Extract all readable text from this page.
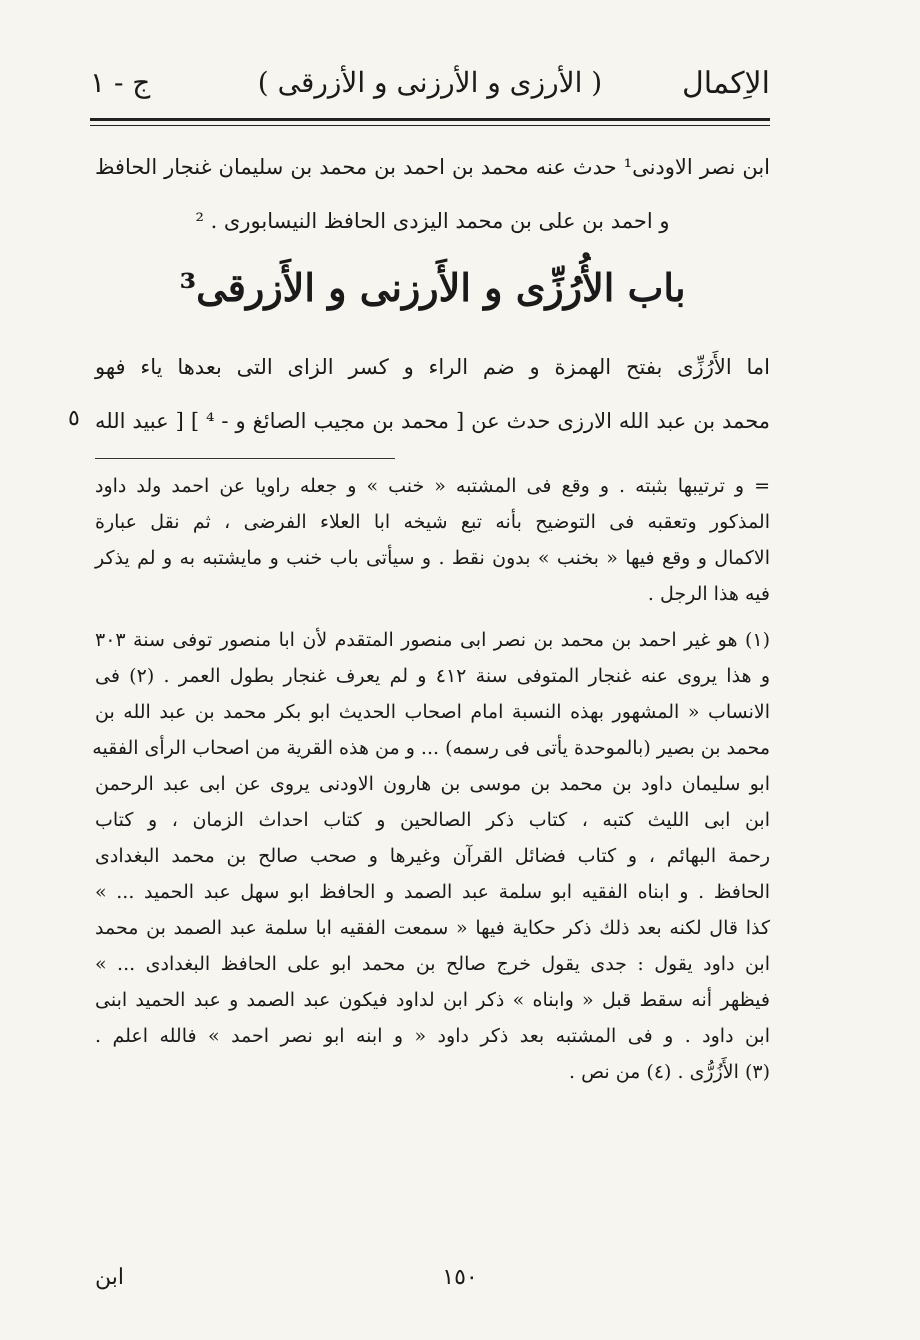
الاِكمال
( الأرزى و الأرزنى و الأزرقى )
ج - ١
ابن نصر الاودنى¹ حدث عنه محمد بن احمد بن محمد بن سليمان غنجار الحافظ
و احمد بن على بن محمد اليزدى الحافظ النيسابورى . ²
باب الأُرُزِّى و الأَرزنى و الأَزرقى³
اما الأَرُزِّى بفتح الهمزة و ضم الراء و كسر الزاى التى بعدها ياء فهو
محمد بن عبد الله الارزى حدث عن [ محمد بن مجيب الصائغ و - ⁴ ] [ عبيد الله
٥
= و ترتيبها بثبته . و وقع فى المشتبه « خنب » و جعله راويا عن احمد ولد داود
المذكور وتعقبه فى التوضيح بأنه تبع شيخه ابا العلاء الفرضى ، ثم نقل عبارة
الاكمال و وقع فيها « بخنب » بدون نقط . و سيأتى باب خنب و مايشتبه به و لم يذكر
فيه هذا الرجل .
(١) هو غير احمد بن محمد بن نصر ابى منصور المتقدم لأن ابا منصور توفى سنة ٣٠٣
و هذا يروى عنه غنجار المتوفى سنة ٤١٢ و لم يعرف غنجار بطول العمر . (٢) فى
الانساب « المشهور بهذه النسبة امام اصحاب الحديث ابو بكر محمد بن عبد الله بن
محمد بن بصير (بالموحدة يأتى فى رسمه) ... و من هذه القرية من اصحاب الرأى الفقيه
ابو سليمان داود بن محمد بن موسى بن هارون الاودنى يروى عن ابى عبد الرحمن
ابن ابى الليث كتبه ، كتاب ذكر الصالحين و كتاب احداث الزمان ، و كتاب
رحمة البهائم ، و كتاب فضائل القرآن وغيرها و صحب صالح بن محمد البغدادى
الحافظ . و ابناه الفقيه ابو سلمة عبد الصمد و الحافظ ابو سهل عبد الحميد ... »
كذا قال لكنه بعد ذلك ذكر حكاية فيها « سمعت الفقيه ابا سلمة عبد الصمد بن محمد
ابن داود يقول : جدى يقول خرج صالح بن محمد ابو على الحافظ البغدادى ... »
فيظهر أنه سقط قبل « وابناه » ذكر ابن لداود فيكون عبد الصمد و عبد الحميد ابنى
ابن داود . و فى المشتبه بعد ذكر داود « و ابنه ابو نصر احمد » فالله اعلم .
(٣) الأَزُرُّى . (٤) من نص .
١٥٠
ابن
